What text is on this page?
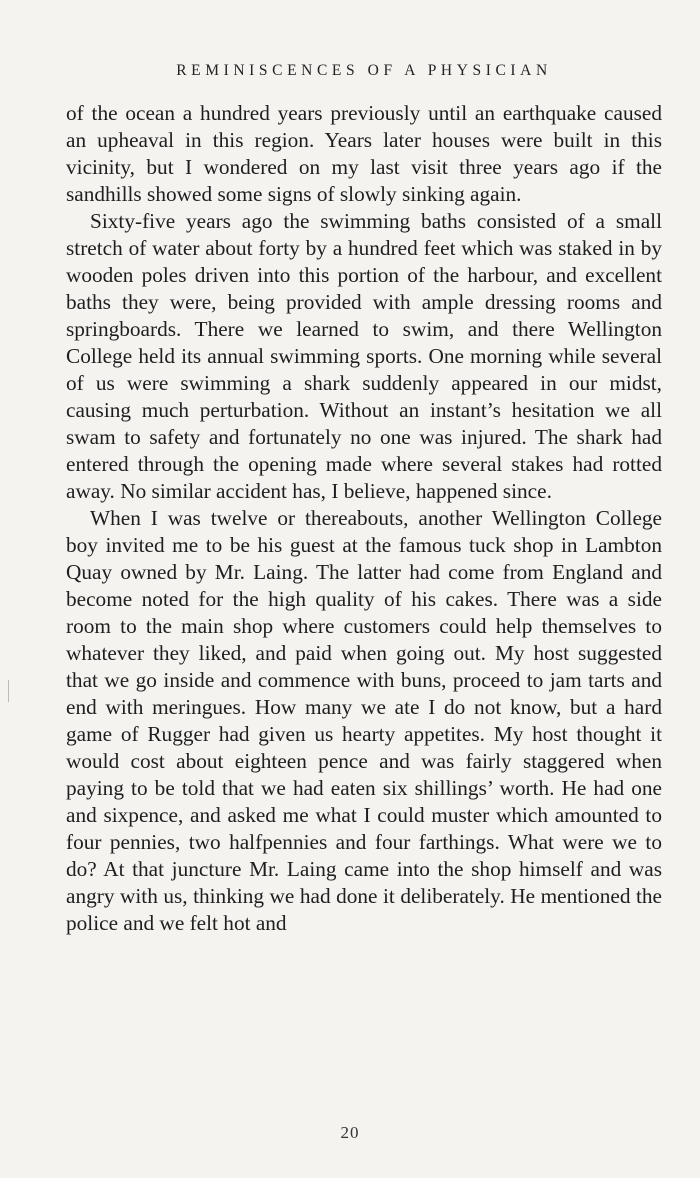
REMINISCENCES OF A PHYSICIAN

of the ocean a hundred years previously until an earthquake caused an upheaval in this region. Years later houses were built in this vicinity, but I wondered on my last visit three years ago if the sandhills showed some signs of slowly sinking again.

Sixty-five years ago the swimming baths consisted of a small stretch of water about forty by a hundred feet which was staked in by wooden poles driven into this portion of the harbour, and excellent baths they were, being provided with ample dressing rooms and springboards. There we learned to swim, and there Wellington College held its annual swimming sports. One morning while several of us were swimming a shark suddenly appeared in our midst, causing much perturbation. Without an instant’s hesitation we all swam to safety and fortunately no one was injured. The shark had entered through the opening made where several stakes had rotted away. No similar accident has, I believe, happened since.

When I was twelve or thereabouts, another Wellington College boy invited me to be his guest at the famous tuck shop in Lambton Quay owned by Mr. Laing. The latter had come from England and become noted for the high quality of his cakes. There was a side room to the main shop where customers could help themselves to whatever they liked, and paid when going out. My host suggested that we go inside and commence with buns, proceed to jam tarts and end with meringues. How many we ate I do not know, but a hard game of Rugger had given us hearty appetites. My host thought it would cost about eighteen pence and was fairly staggered when paying to be told that we had eaten six shillings’ worth. He had one and sixpence, and asked me what I could muster which amounted to four pennies, two halfpennies and four farthings. What were we to do? At that juncture Mr. Laing came into the shop himself and was angry with us, thinking we had done it deliberately. He mentioned the police and we felt hot and

20
